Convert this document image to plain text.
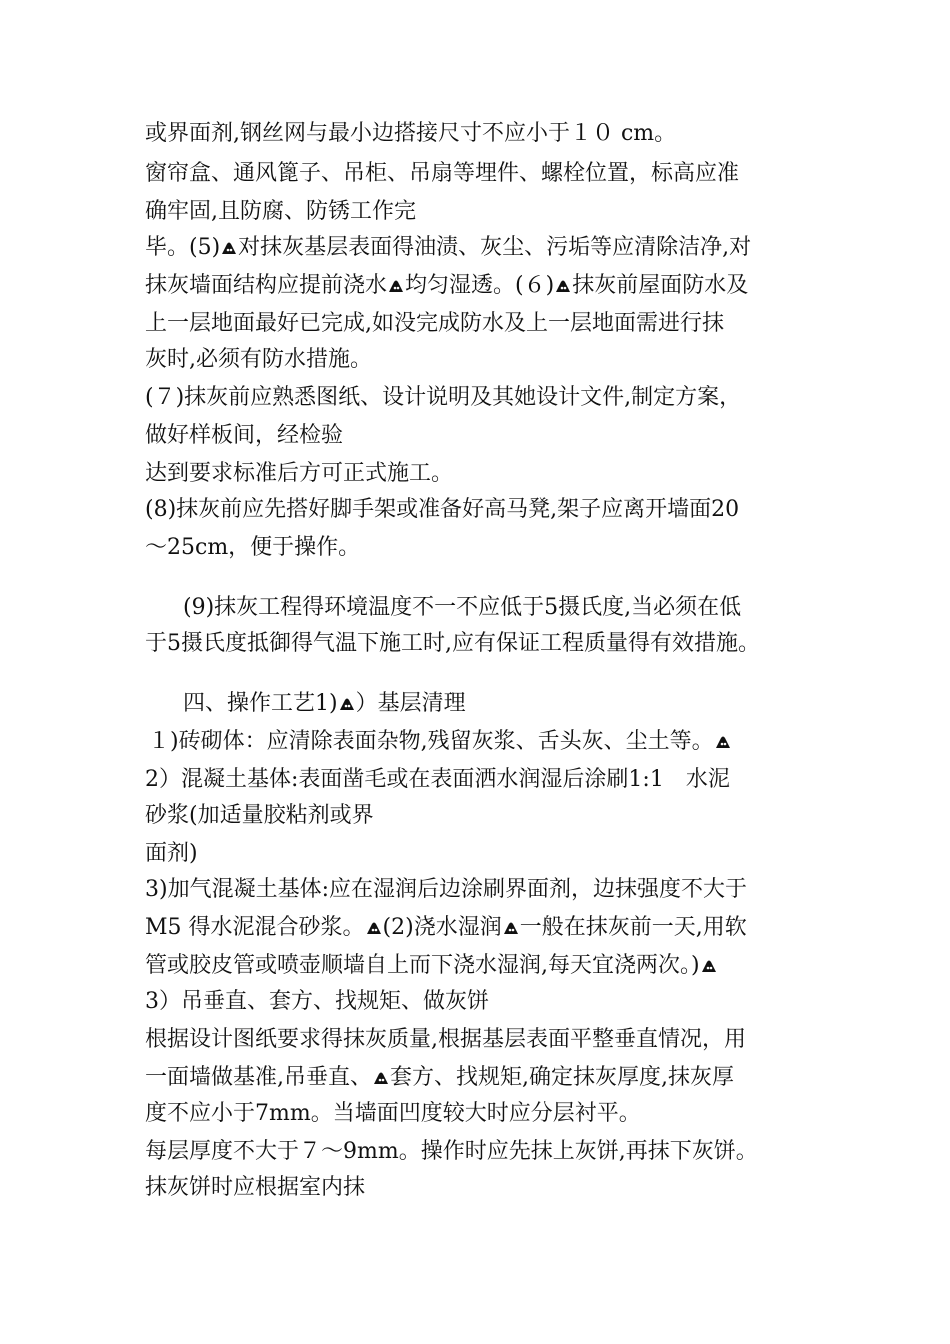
或界面剂,钢丝网与最小边搭接尺寸不应小于１０ cm。
窗帘盒、通风篦子、吊柜、吊扇等埋件、螺栓位置，标高应准
确牢固,且防腐、防锈工作完
毕。(5) 对抹灰基层表面得油渍、灰尘、污垢等应清除洁净,对
抹灰墙面结构应提前浇水 均匀湿透。(６) 抹灰前屋面防水及
上一层地面最好已完成,如没完成防水及上一层地面需进行抹
灰时,必须有防水措施。
(７)抹灰前应熟悉图纸、设计说明及其她设计文件,制定方案，
做好样板间，经检验
达到要求标准后方可正式施工。
(8)抹灰前应先搭好脚手架或准备好高马凳,架子应离开墙面20
～25cm，便于操作。
(9)抹灰工程得环境温度不一不应低于5摄氏度,当必须在低
于5摄氏度抵御得气温下施工时,应有保证工程质量得有效措施。
四、操作工艺1) ）基层清理
１)砖砌体：应清除表面杂物,残留灰浆、舌头灰、尘土等。
2）混凝土基体:表面凿毛或在表面洒水润湿后涂刷1:1　水泥
砂浆(加适量胶粘剂或界
面剂)
3)加气混凝土基体:应在湿润后边涂刷界面剂，边抹强度不大于
M5 得水泥混合砂浆。 (2)浇水湿润 一般在抹灰前一天,用软
管或胶皮管或喷壶顺墙自上而下浇水湿润,每天宜浇两次。)
3）吊垂直、套方、找规矩、做灰饼
根据设计图纸要求得抹灰质量,根据基层表面平整垂直情况，用
一面墙做基准,吊垂直、 套方、找规矩,确定抹灰厚度,抹灰厚
度不应小于7mm。当墙面凹度较大时应分层衬平。
每层厚度不大于７～9mm。操作时应先抹上灰饼,再抹下灰饼。
抹灰饼时应根据室内抹
